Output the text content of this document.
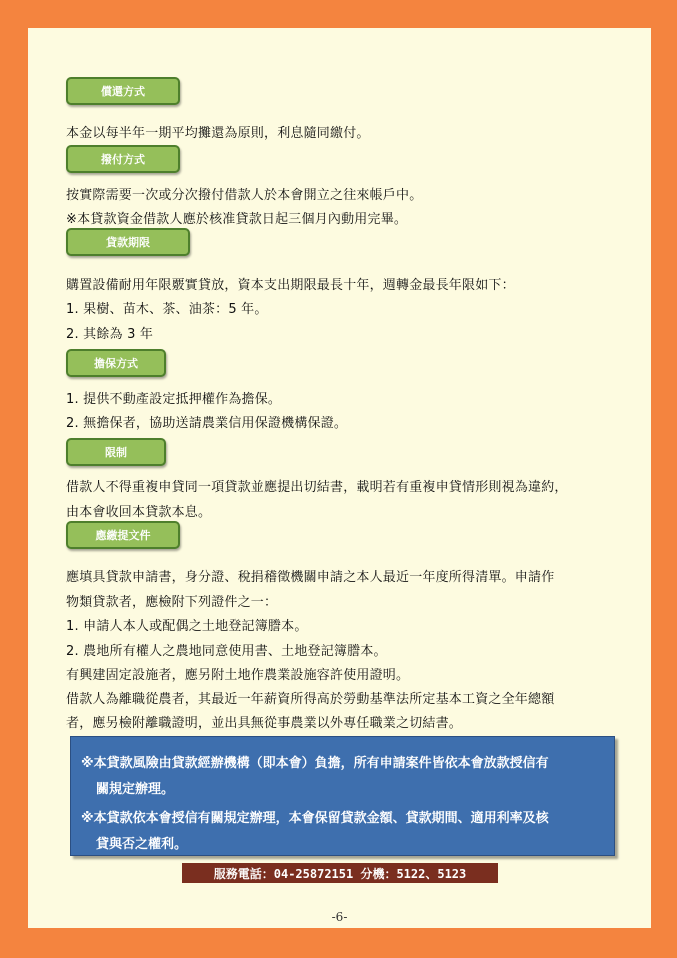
償還方式
本金以每半年一期平均攤還為原則，利息隨同繳付。
撥付方式
按實際需要一次或分次撥付借款人於本會開立之往來帳戶中。
※本貸款資金借款人應於核准貸款日起三個月內動用完畢。
貸款期限
購置設備耐用年限覈實貸放，資本支出期限最長十年，週轉金最長年限如下：
1. 果樹、苗木、茶、油茶：5 年。
2. 其餘為 3 年
擔保方式
1. 提供不動產設定抵押權作為擔保。
2. 無擔保者，協助送請農業信用保證機構保證。
限制
借款人不得重複申貸同一項貸款並應提出切結書，載明若有重複申貸情形則視為違約，
由本會收回本貸款本息。
應繳提文件
應填具貸款申請書，身分證、稅捐稽徵機關申請之本人最近一年度所得清單。申請作
物類貸款者，應檢附下列證件之一：
1. 申請人本人或配偶之土地登記簿謄本。
2. 農地所有權人之農地同意使用書、土地登記簿謄本。
有興建固定設施者，應另附土地作農業設施容許使用證明。
借款人為離職從農者，其最近一年薪資所得高於勞動基準法所定基本工資之全年總額
者，應另檢附離職證明，並出具無從事農業以外專任職業之切結書。
※本貸款風險由貸款經辦機構（即本會）負擔，所有申請案件皆依本會放款授信有
關規定辦理。
※本貸款依本會授信有關規定辦理，本會保留貸款金額、貸款期間、適用利率及核
貸與否之權利。
服務電話：04-25872151 分機：5122、5123
-6-
